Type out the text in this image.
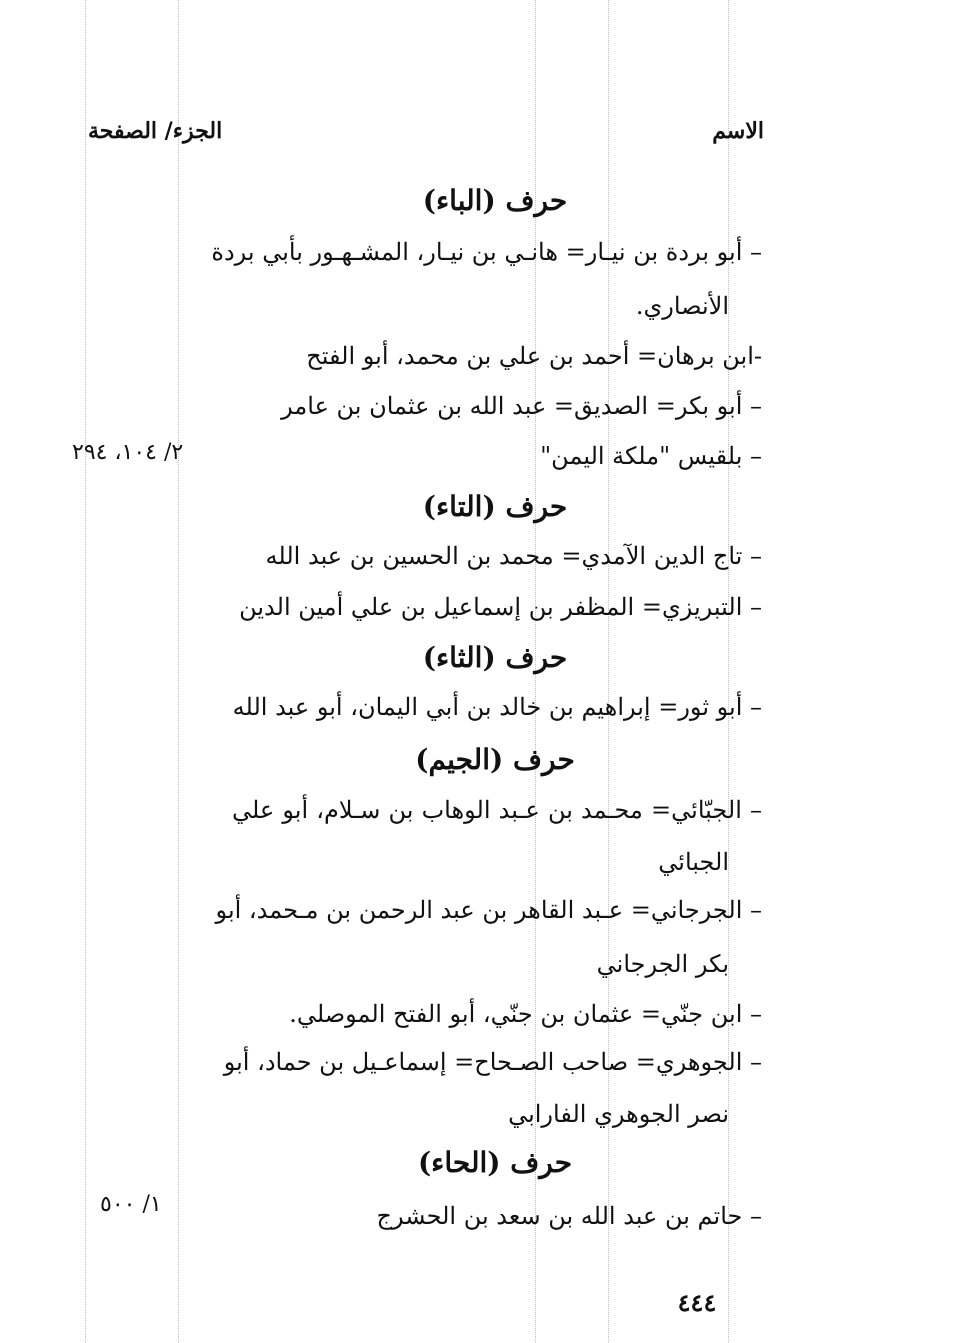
الاسم
الجزء/ الصفحة
حرف (الباء)
– أبو بردة بن نيـار= هانـي بن نيـار، المشـهـور بأبي بردة
الأنصاري.
-ابن برهان= أحمد بن علي بن محمد، أبو الفتح
– أبو بكر= الصديق= عبد الله بن عثمان بن عامر
– بلقيس "ملكة اليمن"
٢/ ١٠٤، ٢٩٤
حرف (التاء)
– تاج الدين الآمدي= محمد بن الحسين بن عبد الله
– التبريزي= المظفر بن إسماعيل بن علي أمين الدين
حرف (الثاء)
– أبو ثور= إبراهيم بن خالد بن أبي اليمان، أبو عبد الله
حرف (الجيم)
– الجبّائي= محـمد بن عـبد الوهاب بن سـلام، أبو علي
الجبائي
– الجرجاني= عـبد القاهر بن عبد الرحمن بن مـحمد، أبو
بكر الجرجاني
– ابن جنّي= عثمان بن جنّي، أبو الفتح الموصلي.
– الجوهري= صاحب الصـحاح= إسماعـيل بن حماد، أبو
نصر الجوهري الفارابي
حرف (الحاء)
– حاتم بن عبد الله بن سعد بن الحشرج
١/ ٥٠٠
٤٤٤
